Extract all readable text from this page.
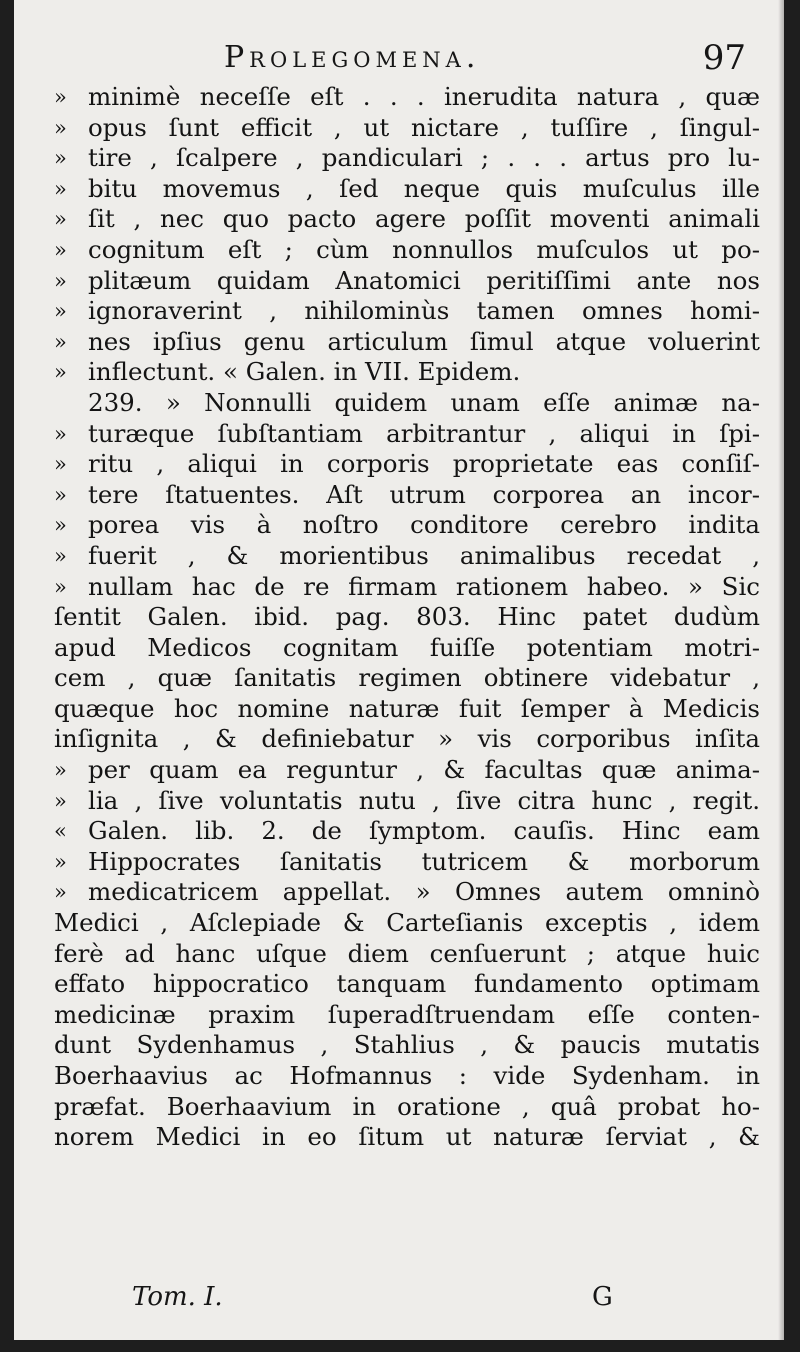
Prolegomena.	97
» minimè neceſſe eſt . . . inerudita natura , quæ
» opus ſunt efficit , ut nictare , tuſſire , ſingul-
» tire , ſcalpere , pandiculari ; . . . artus pro lu-
» bitu movemus , ſed neque quis muſculus ille
» ſit , nec quo pacto agere poſſit moventi animali
» cognitum eſt ; cùm nonnullos muſculos ut po-
» plitæum quidam Anatomici peritiſſimi ante nos
» ignoraverint , nihilominùs tamen omnes homi-
» nes ipſius genu articulum ſimul atque voluerint
» inflectunt. « Galen. in VII. Epidem.
239. » Nonnulli quidem unam eſſe animæ na-
» turæque ſubſtantiam arbitrantur , aliqui in ſpi-
» ritu , aliqui in corporis proprietate eas conſiſ-
» tere ſtatuentes. Aſt utrum corporea an incor-
» porea vis à noſtro conditore cerebro indita
» fuerit , & morientibus animalibus recedat ,
» nullam hac de re firmam rationem habeo. » Sic
ſentit Galen. ibid. pag. 803. Hinc patet dudùm
apud Medicos cognitam fuiſſe potentiam motri-
cem , quæ ſanitatis regimen obtinere videbatur ,
quæque hoc nomine naturæ fuit ſemper à Medicis
inſignita , & definiebatur » vis corporibus inſita
» per quam ea reguntur , & facultas quæ anima-
» lia , ſive voluntatis nutu , ſive citra hunc , regit.
« Galen. lib. 2. de ſymptom. cauſis. Hinc eam
» Hippocrates ſanitatis tutricem & morborum
» medicatricem appellat. » Omnes autem omninò
Medici , Aſclepiade & Carteſianis exceptis , idem
ferè ad hanc uſque diem cenſuerunt ; atque huic
effato hippocratico tanquam fundamento optimam
medicinæ praxim ſuperadſtruendam eſſe conten-
dunt Sydenhamus , Stahlius , & paucis mutatis
Boerhaavius ac Hofmannus : vide Sydenham. in
præfat. Boerhaavium in oratione , quâ probat ho-
norem Medici in eo ſitum ut naturæ ſerviat , &
Tom. I.	G
